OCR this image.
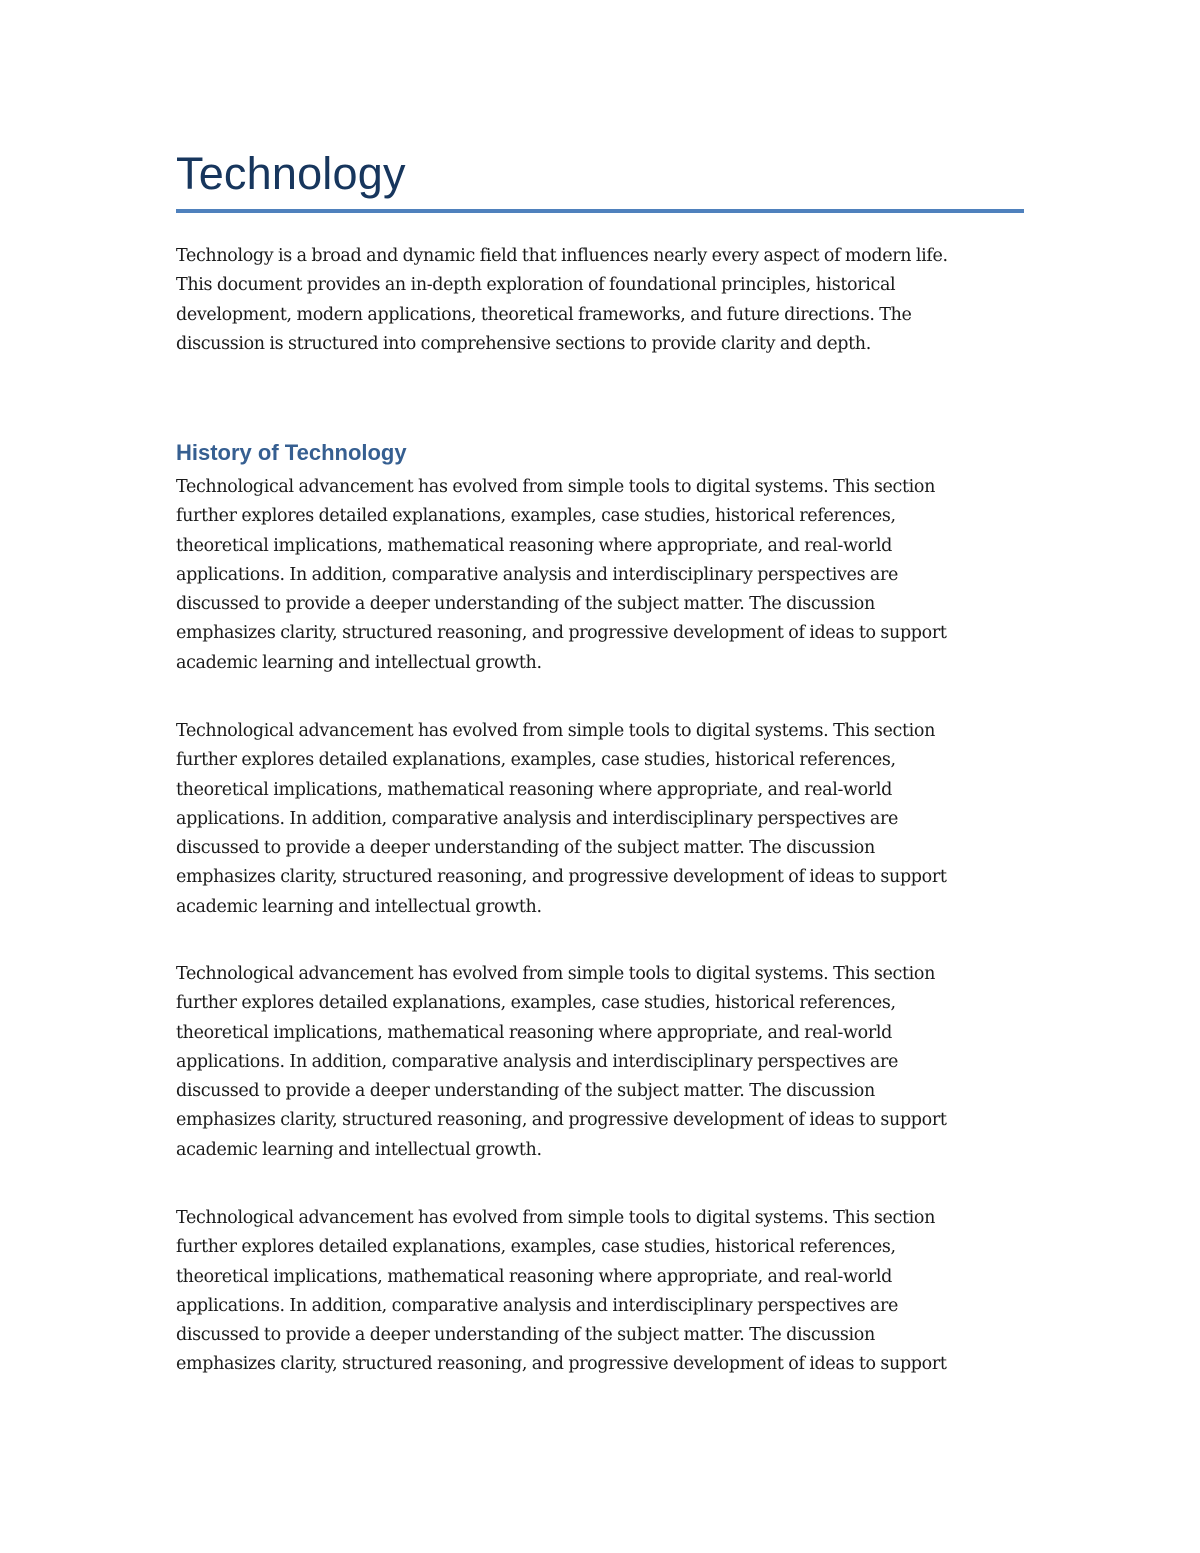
Technology
Technology is a broad and dynamic field that influences nearly every aspect of modern life.
This document provides an in-depth exploration of foundational principles, historical
development, modern applications, theoretical frameworks, and future directions. The
discussion is structured into comprehensive sections to provide clarity and depth.
History of Technology
Technological advancement has evolved from simple tools to digital systems. This section
further explores detailed explanations, examples, case studies, historical references,
theoretical implications, mathematical reasoning where appropriate, and real-world
applications. In addition, comparative analysis and interdisciplinary perspectives are
discussed to provide a deeper understanding of the subject matter. The discussion
emphasizes clarity, structured reasoning, and progressive development of ideas to support
academic learning and intellectual growth.
Technological advancement has evolved from simple tools to digital systems. This section
further explores detailed explanations, examples, case studies, historical references,
theoretical implications, mathematical reasoning where appropriate, and real-world
applications. In addition, comparative analysis and interdisciplinary perspectives are
discussed to provide a deeper understanding of the subject matter. The discussion
emphasizes clarity, structured reasoning, and progressive development of ideas to support
academic learning and intellectual growth.
Technological advancement has evolved from simple tools to digital systems. This section
further explores detailed explanations, examples, case studies, historical references,
theoretical implications, mathematical reasoning where appropriate, and real-world
applications. In addition, comparative analysis and interdisciplinary perspectives are
discussed to provide a deeper understanding of the subject matter. The discussion
emphasizes clarity, structured reasoning, and progressive development of ideas to support
academic learning and intellectual growth.
Technological advancement has evolved from simple tools to digital systems. This section
further explores detailed explanations, examples, case studies, historical references,
theoretical implications, mathematical reasoning where appropriate, and real-world
applications. In addition, comparative analysis and interdisciplinary perspectives are
discussed to provide a deeper understanding of the subject matter. The discussion
emphasizes clarity, structured reasoning, and progressive development of ideas to support
